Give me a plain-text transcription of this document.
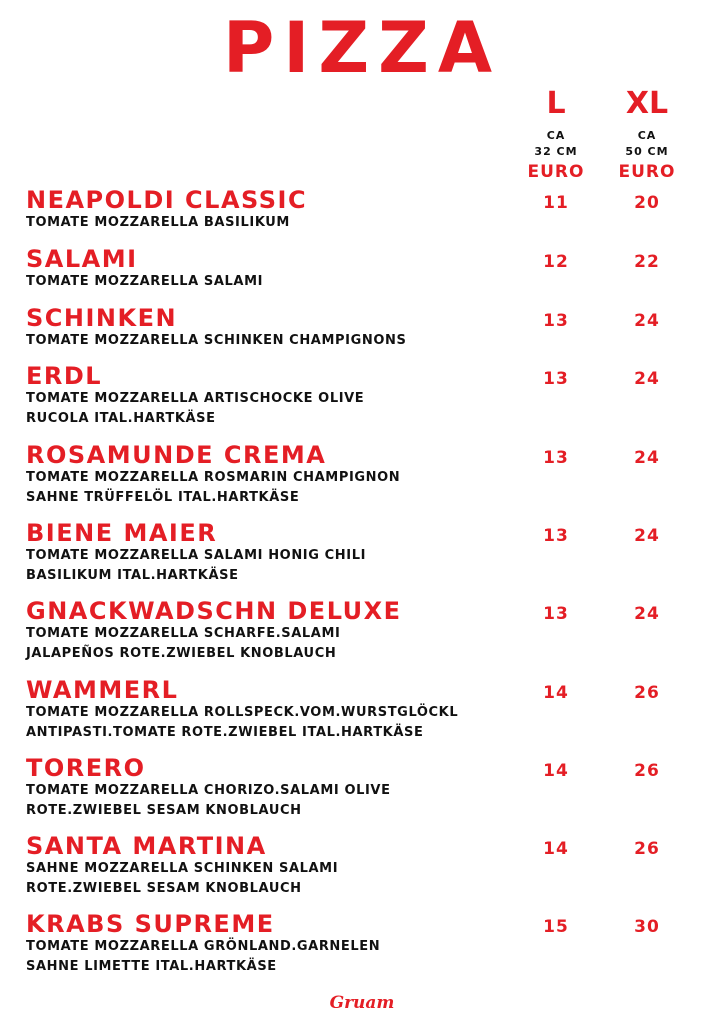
PIZZA
L
CA
32 CM
EURO
XL
CA
50 CM
EURO
NEAPOLDI CLASSIC
TOMATE MOZZARELLA BASILIKUM
11	20
SALAMI
TOMATE MOZZARELLA SALAMI
12	22
SCHINKEN
TOMATE MOZZARELLA SCHINKEN CHAMPIGNONS
13	24
ERDL
TOMATE MOZZARELLA ARTISCHOCKE OLIVE
RUCOLA ITAL.HARTKÄSE
13	24
ROSAMUNDE CREMA
TOMATE MOZZARELLA ROSMARIN CHAMPIGNON
SAHNE TRÜFFELÖL ITAL.HARTKÄSE
13	24
BIENE MAIER
TOMATE MOZZARELLA SALAMI HONIG CHILI
BASILIKUM ITAL.HARTKÄSE
13	24
GNACKWADSCHN DELUXE
TOMATE MOZZARELLA SCHARFE.SALAMI
JALAPEÑOS ROTE.ZWIEBEL KNOBLAUCH
13	24
WAMMERL
TOMATE MOZZARELLA ROLLSPECK.VOM.WURSTGLÖCKL
ANTIPASTI.TOMATE ROTE.ZWIEBEL ITAL.HARTKÄSE
14	26
TORERO
TOMATE MOZZARELLA CHORIZO.SALAMI OLIVE
ROTE.ZWIEBEL SESAM KNOBLAUCH
14	26
SANTA MARTINA
SAHNE MOZZARELLA SCHINKEN SALAMI
ROTE.ZWIEBEL SESAM KNOBLAUCH
14	26
KRABS SUPREME
TOMATE MOZZARELLA GRÖNLAND.GARNELEN
SAHNE LIMETTE ITAL.HARTKÄSE
15	30
Gruam
